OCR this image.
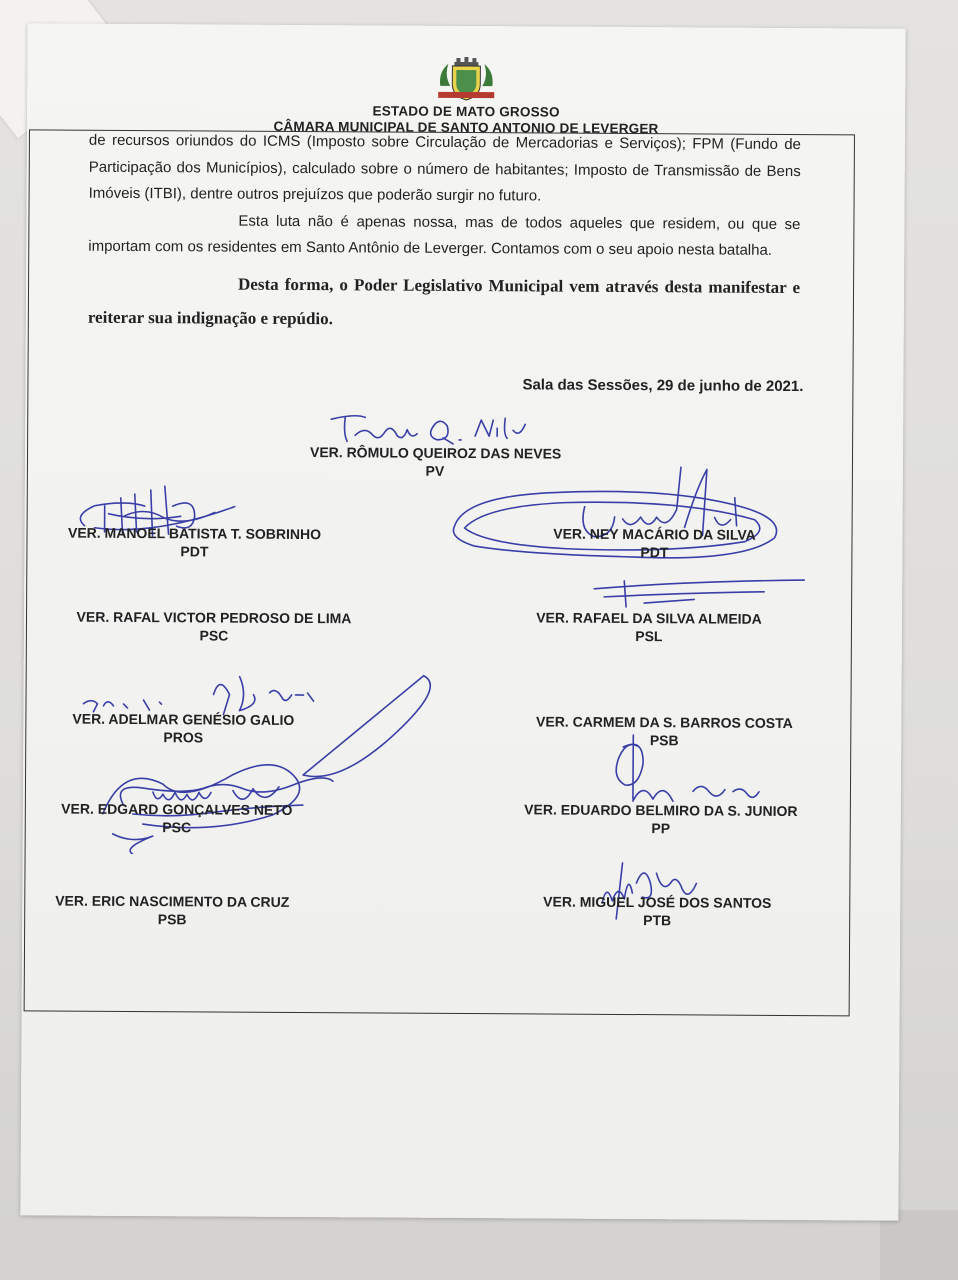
ESTADO DE MATO GROSSO
CÂMARA MUNICIPAL DE SANTO ANTONIO DE LEVERGER

de recursos oriundos do ICMS (Imposto sobre Circulação de Mercadorias e Serviços); FPM (Fundo de Participação dos Municípios), calculado sobre o número de habitantes; Imposto de Transmissão de Bens Imóveis (ITBI), dentre outros prejuízos que poderão surgir no futuro.

Esta luta não é apenas nossa, mas de todos aqueles que residem, ou que se importam com os residentes em Santo Antônio de Leverger. Contamos com o seu apoio nesta batalha.

Desta forma, o Poder Legislativo Municipal vem através desta manifestar e reiterar sua indignação e repúdio.

Sala das Sessões, 29 de junho de 2021.
VER. RÔMULO QUEIROZ DAS NEVES
PV
VER. MANOEL BATISTA T. SOBRINHO
PDT
VER. NEY MACÁRIO DA SILVA
PDT
VER. RAFAL VICTOR PEDROSO DE LIMA
PSC
VER. RAFAEL DA SILVA ALMEIDA
PSL
VER. ADELMAR GENÉSIO GALIO
PROS
VER. CARMEM DA S. BARROS COSTA
PSB
VER. EDGARD GONÇALVES NETO
PSC
VER. EDUARDO BELMIRO DA S. JUNIOR
PP
VER. ERIC NASCIMENTO DA CRUZ
PSB
VER. MIGUEL JOSÉ DOS SANTOS
PTB
